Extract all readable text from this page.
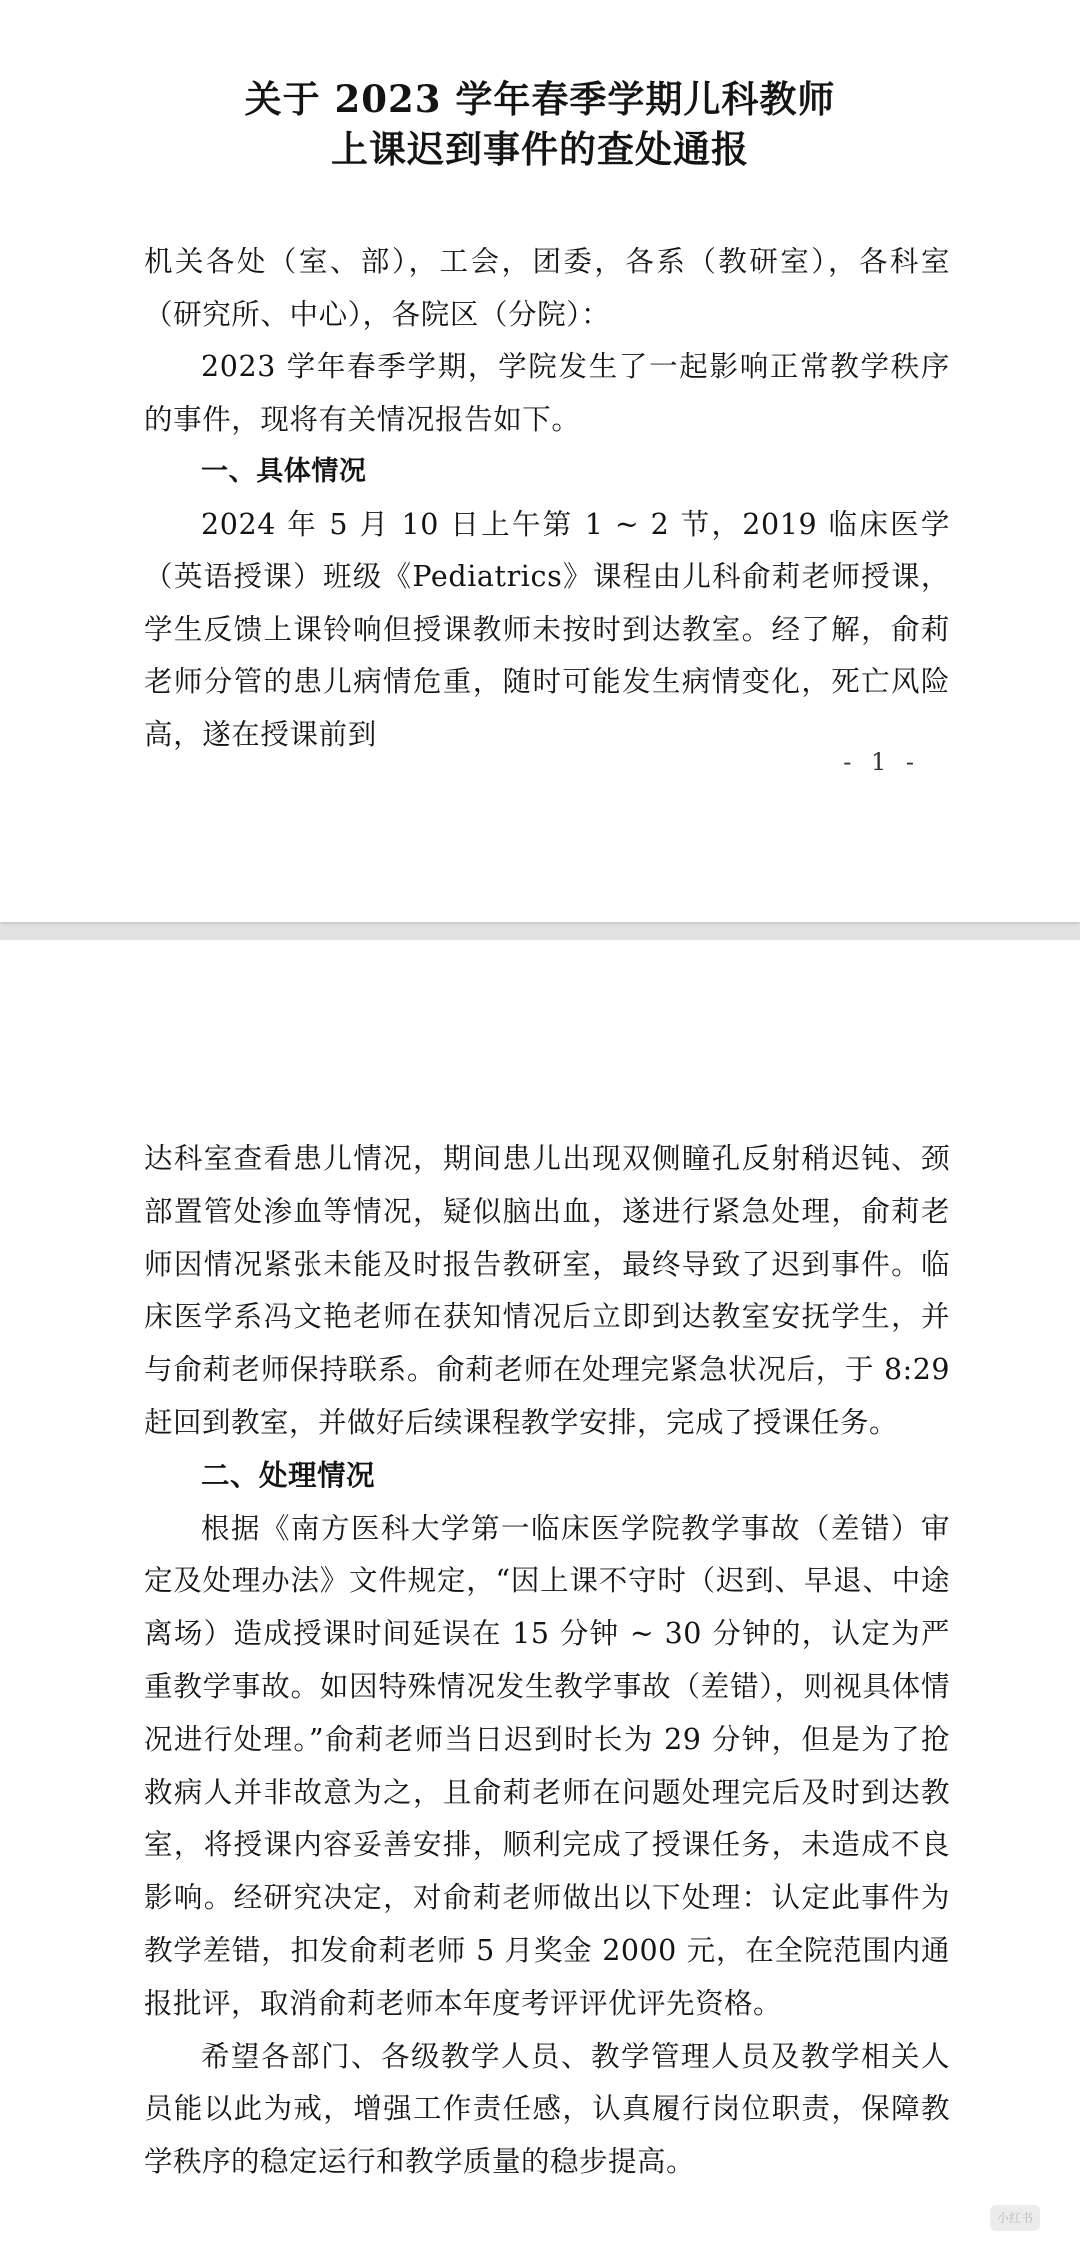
关于 2023 学年春季学期儿科教师
上课迟到事件的查处通报

机关各处（室、部），工会，团委，各系（教研室），各科室（研究所、中心），各院区（分院）：

2023 学年春季学期，学院发生了一起影响正常教学秩序的事件，现将有关情况报告如下。

一、具体情况

2024 年 5 月 10 日上午第 1 ~ 2 节，2019 临床医学（英语授课）班级《Pediatrics》课程由儿科俞莉老师授课，学生反馈上课铃响但授课教师未按时到达教室。经了解，俞莉老师分管的患儿病情危重，随时可能发生病情变化，死亡风险高，遂在授课前到

- 1 -

达科室查看患儿情况，期间患儿出现双侧瞳孔反射稍迟钝、颈部置管处渗血等情况，疑似脑出血，遂进行紧急处理，俞莉老师因情况紧张未能及时报告教研室，最终导致了迟到事件。临床医学系冯文艳老师在获知情况后立即到达教室安抚学生，并与俞莉老师保持联系。俞莉老师在处理完紧急状况后，于 8:29 赶回到教室，并做好后续课程教学安排，完成了授课任务。

二、处理情况

根据《南方医科大学第一临床医学院教学事故（差错）审定及处理办法》文件规定，“因上课不守时（迟到、早退、中途离场）造成授课时间延误在 15 分钟 ~ 30 分钟的，认定为严重教学事故。如因特殊情况发生教学事故（差错），则视具体情况进行处理。”俞莉老师当日迟到时长为 29 分钟，但是为了抢救病人并非故意为之，且俞莉老师在问题处理完后及时到达教室，将授课内容妥善安排，顺利完成了授课任务，未造成不良影响。经研究决定，对俞莉老师做出以下处理：认定此事件为教学差错，扣发俞莉老师 5 月奖金 2000 元，在全院范围内通报批评，取消俞莉老师本年度考评评优评先资格。

希望各部门、各级教学人员、教学管理人员及教学相关人员能以此为戒，增强工作责任感，认真履行岗位职责，保障教学秩序的稳定运行和教学质量的稳步提高。

小红书
